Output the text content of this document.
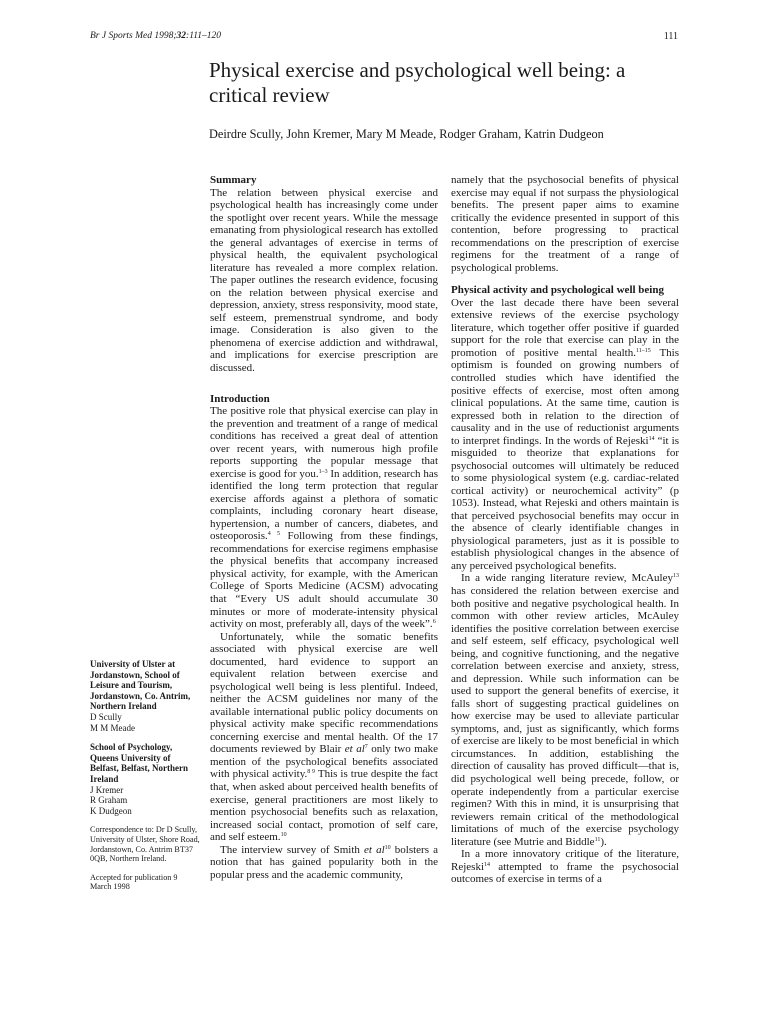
Br J Sports Med 1998;32:111–120	111
Physical exercise and psychological well being: a critical review
Deirdre Scully, John Kremer, Mary M Meade, Rodger Graham, Katrin Dudgeon
Summary

The relation between physical exercise and psychological health has increasingly come under the spotlight over recent years. While the message emanating from physiological research has extolled the general advantages of exercise in terms of physical health, the equivalent psychological literature has revealed a more complex relation. The paper outlines the research evidence, focusing on the relation between physical exercise and depression, anxiety, stress responsivity, mood state, self esteem, premenstrual syndrome, and body image. Consideration is also given to the phenomena of exercise addiction and withdrawal, and implications for exercise prescription are discussed.

Introduction

The positive role that physical exercise can play in the prevention and treatment of a range of medical conditions has received a great deal of attention over recent years, with numerous high profile reports supporting the popular message that exercise is good for you.$^{1-3}$ In addition, research has identified the long term protection that regular exercise affords against a plethora of somatic complaints, including coronary heart disease, hypertension, a number of cancers, diabetes, and osteoporosis.$^{4 5}$ Following from these findings, recommendations for exercise regimens emphasise the physical benefits that accompany increased physical activity, for example, with the American College of Sports Medicine (ACSM) advocating that “Every US adult should accumulate 30 minutes or more of moderate-intensity physical activity on most, preferably all, days of the week”.$^6$

Unfortunately, while the somatic benefits associated with physical exercise are well documented, hard evidence to support an equivalent relation between exercise and psychological well being is less plentiful. Indeed, neither the ACSM guidelines nor many of the available international public policy documents on physical activity make specific recommendations concerning exercise and mental health. Of the 17 documents reviewed by Blair et $al^7$ only two make mention of the psychological benefits associated with physical activity.$^{8 9}$ This is true despite the fact that, when asked about perceived health benefits of exercise, general practitioners are most likely to mention psychosocial benefits such as relaxation, increased social contact, promotion of self care, and self esteem.$^{10}$

The interview survey of Smith et $al^{10}$ bolsters a notion that has gained popularity both in the popular press and the academic community,

namely that the psychosocial benefits of physical exercise may equal if not surpass the physiological benefits. The present paper aims to examine critically the evidence presented in support of this contention, before progressing to practical recommendations on the prescription of exercise regimens for the treatment of a range of psychological problems.

Physical activity and psychological well being

Over the last decade there have been several extensive reviews of the exercise psychology literature, which together offer positive if guarded support for the role that exercise can play in the promotion of positive mental health.$^{11-15}$ This optimism is founded on growing numbers of controlled studies which have identified the positive effects of exercise, most often among clinical populations. At the same time, caution is expressed both in relation to the direction of causality and in the use of reductionist arguments to interpret findings. In the words of Rejeski$^{14}$ “it is misguided to theorize that explanations for psychosocial outcomes will ultimately be reduced to some physiological system (e.g. cardiac-related cortical activity) or neurochemical activity” (p 1053). Instead, what Rejeski and others maintain is that perceived psychosocial benefits may occur in the absence of clearly identifiable changes in physiological parameters, just as it is possible to establish physiological changes in the absence of any perceived psychological benefits.

In a wide ranging literature review, McAuley$^{13}$ has considered the relation between exercise and both positive and negative psychological health. In common with other review articles, McAuley identifies the positive correlation between exercise and self esteem, self efficacy, psychological well being, and cognitive functioning, and the negative correlation between exercise and anxiety, stress, and depression. While such information can be used to support the general benefits of exercise, it falls short of suggesting practical guidelines on how exercise may be used to alleviate particular symptoms, and, just as significantly, which forms of exercise are likely to be most beneficial in which circumstances. In addition, establishing the direction of causality has proved difficult—that is, did psychological well being precede, follow, or operate independently from a particular exercise regimen? With this in mind, it is unsurprising that reviewers remain critical of the methodological limitations of much of the exercise psychology literature (see Mutrie and Biddle$^{11}$).

In a more innovatory critique of the literature, Rejeski$^{14}$ attempted to frame the psychosocial outcomes of exercise in terms of a

University of Ulster at Jordanstown, School of Leisure and Tourism, Jordanstown, Co. Antrim, Northern Ireland
D Scully
M M Meade
School of Psychology, Queens University of Belfast, Belfast, Northern Ireland
J Kremer
R Graham
K Dudgeon
Correspondence to: Dr D Scully, University of Ulster, Shore Road, Jordanstown, Co. Antrim BT37 0QB, Northern Ireland.
Accepted for publication 9 March 1998
